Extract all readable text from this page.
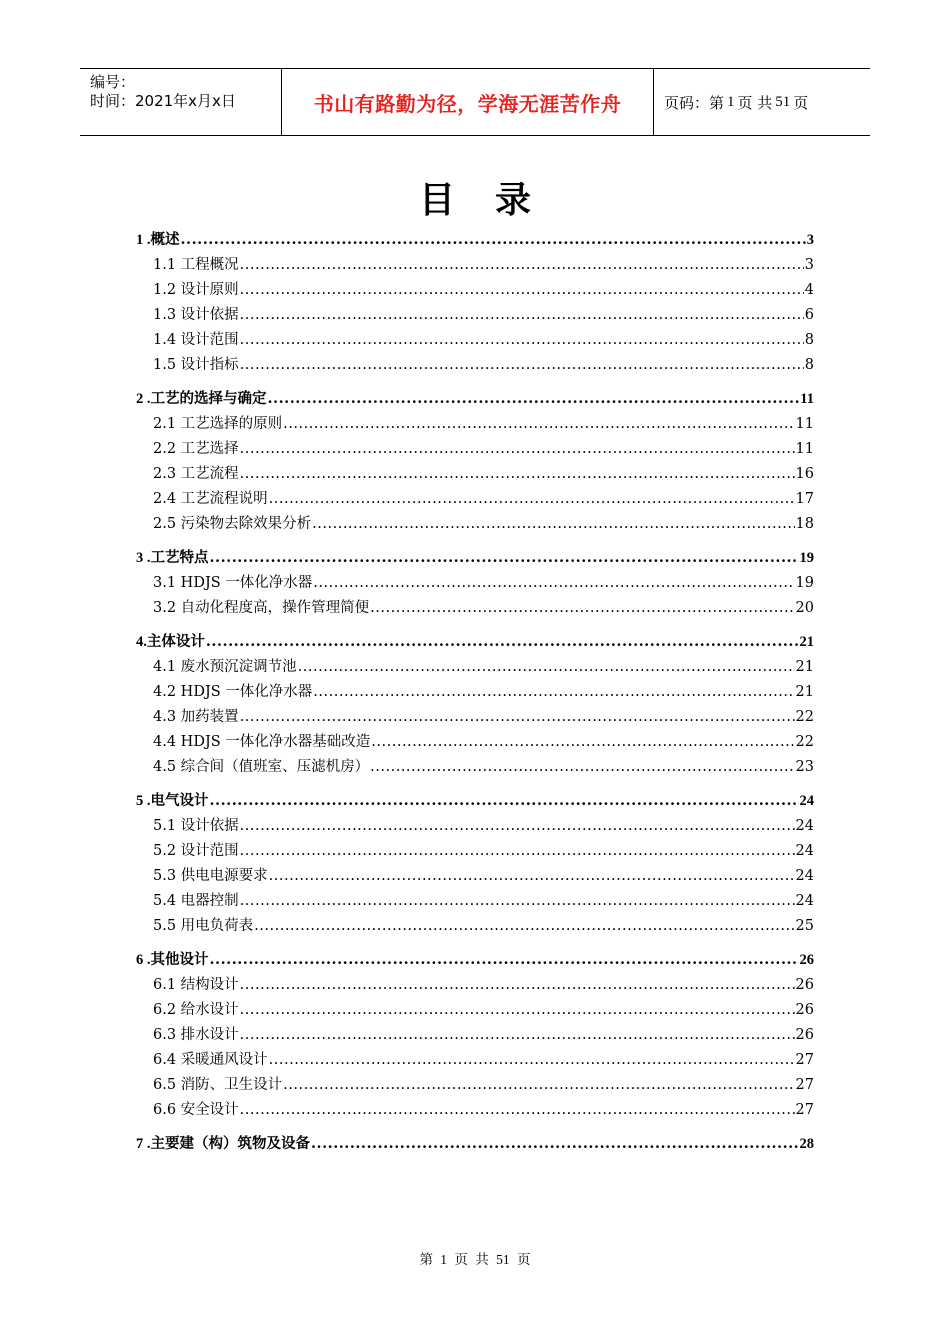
编号：
时间：2021年x月x日	书山有路勤为径，学海无涯苦作舟	页码：第 1 页 共 51 页
目录
1 .概述 .....	3
1.1 工程概况 .....	3
1.2 设计原则 .....	4
1.3 设计依据 .....	6
1.4 设计范围 .....	8
1.5 设计指标 .....	8
2 .工艺的选择与确定 .....	11
2.1 工艺选择的原则 .....	11
2.2 工艺选择 .....	11
2.3 工艺流程 .....	16
2.4 工艺流程说明 .....	17
2.5 污染物去除效果分析 .....	18
3 .工艺特点 .....	19
3.1 HDJS 一体化净水器 .....	19
3.2 自动化程度高，操作管理简便 .....	20
4.主体设计 .....	21
4.1 废水预沉淀调节池 .....	21
4.2 HDJS 一体化净水器 .....	21
4.3 加药装置 .....	22
4.4 HDJS 一体化净水器基础改造 .....	22
4.5 综合间（值班室、压滤机房） .....	23
5 .电气设计 .....	24
5.1 设计依据 .....	24
5.2 设计范围 .....	24
5.3 供电电源要求 .....	24
5.4 电器控制 .....	24
5.5 用电负荷表 .....	25
6 .其他设计 .....	26
6.1 结构设计 .....	26
6.2 给水设计 .....	26
6.3 排水设计 .....	26
6.4 采暖通风设计 .....	27
6.5 消防、卫生设计 .....	27
6.6 安全设计 .....	27
7 .主要建（构）筑物及设备 .....	28
第 1 页 共 51 页
